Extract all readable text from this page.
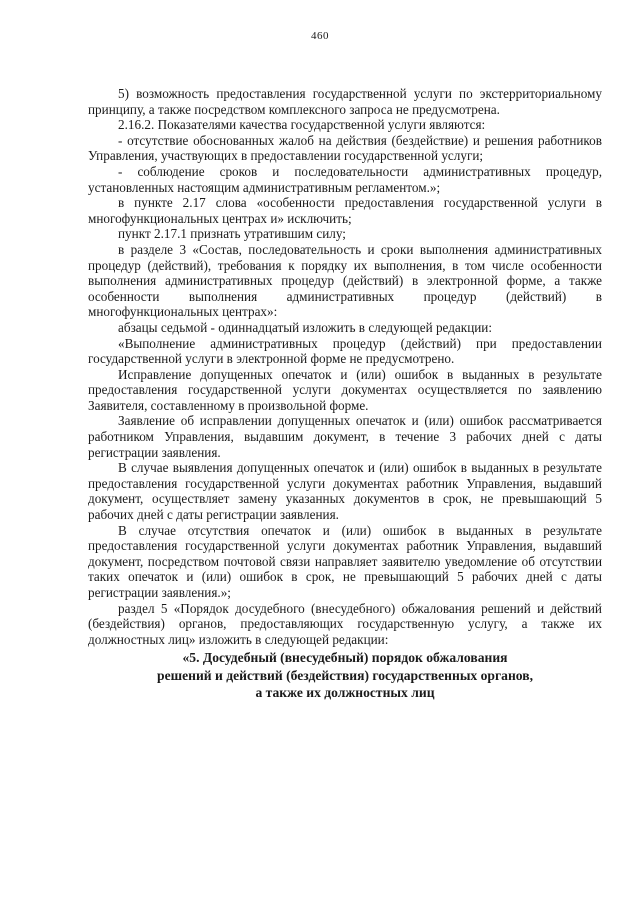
460

5) возможность предоставления государственной услуги по экстерриториальному принципу, а также посредством комплексного запроса не предусмотрена.

2.16.2. Показателями качества государственной услуги являются:

- отсутствие обоснованных жалоб на действия (бездействие) и решения работников Управления, участвующих в предоставлении государственной услуги;

- соблюдение сроков и последовательности административных процедур, установленных настоящим административным регламентом.»;

в пункте 2.17 слова «особенности предоставления государственной услуги в многофункциональных центрах и» исключить;

пункт 2.17.1 признать утратившим силу;

в разделе 3 «Состав, последовательность и сроки выполнения административных процедур (действий), требования к порядку их выполнения, в том числе особенности выполнения административных процедур (действий) в электронной форме, а также особенности выполнения административных процедур (действий) в многофункциональных центрах»:

абзацы седьмой - одиннадцатый изложить в следующей редакции:

«Выполнение административных процедур (действий) при предоставлении государственной услуги в электронной форме не предусмотрено.

Исправление допущенных опечаток и (или) ошибок в выданных в результате предоставления государственной услуги документах осуществляется по заявлению Заявителя, составленному в произвольной форме.

Заявление об исправлении допущенных опечаток и (или) ошибок рассматривается работником Управления, выдавшим документ, в течение 3 рабочих дней с даты регистрации заявления.

В случае выявления допущенных опечаток и (или) ошибок в выданных в результате предоставления государственной услуги документах работник Управления, выдавший документ, осуществляет замену указанных документов в срок, не превышающий 5 рабочих дней с даты регистрации заявления.

В случае отсутствия опечаток и (или) ошибок в выданных в результате предоставления государственной услуги документах работник Управления, выдавший документ, посредством почтовой связи направляет заявителю уведомление об отсутствии таких опечаток и (или) ошибок в срок, не превышающий 5 рабочих дней с даты регистрации заявления.»;

раздел 5 «Порядок досудебного (внесудебного) обжалования решений и действий (бездействия) органов, предоставляющих государственную услугу, а также их должностных лиц» изложить в следующей редакции:

«5. Досудебный (внесудебный) порядок обжалования

решений и действий (бездействия) государственных органов,

а также их должностных лиц
